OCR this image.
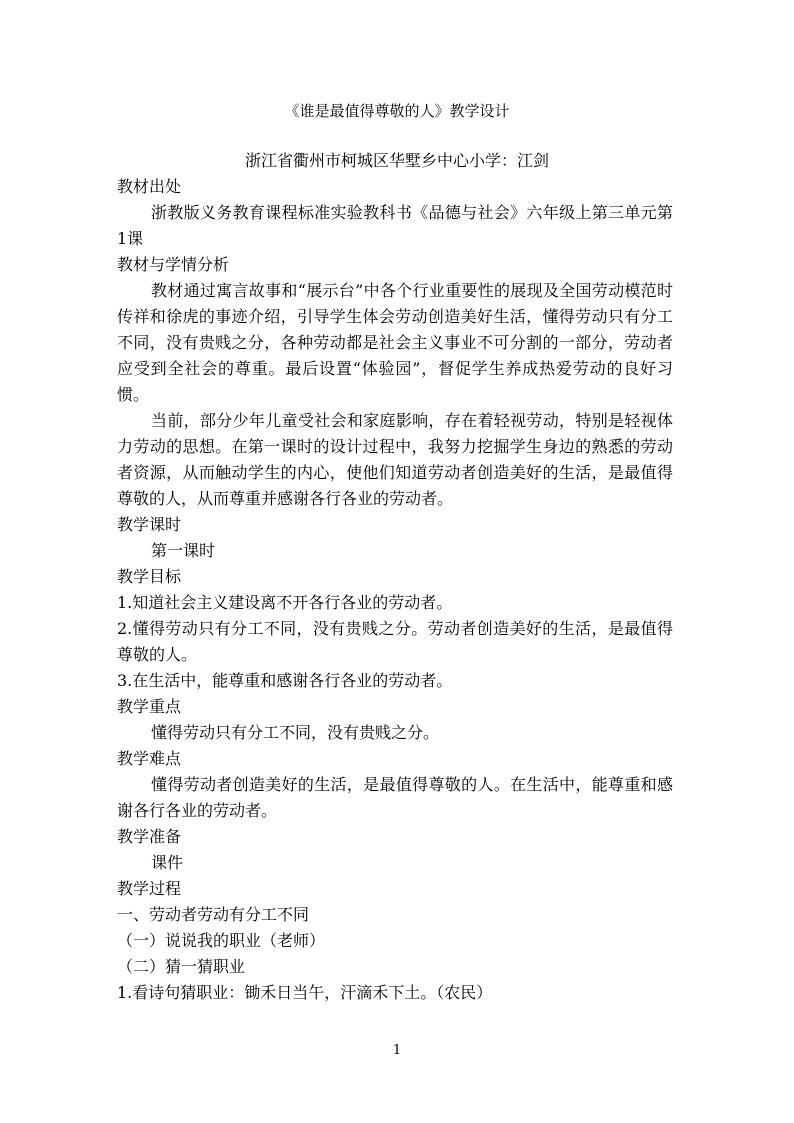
《谁是最值得尊敬的人》教学设计
浙江省衢州市柯城区华墅乡中心小学：江剑

教材出处

浙教版义务教育课程标准实验教科书《品德与社会》六年级上第三单元第1课

教材与学情分析

教材通过寓言故事和“展示台”中各个行业重要性的展现及全国劳动模范时传祥和徐虎的事迹介绍，引导学生体会劳动创造美好生活，懂得劳动只有分工不同，没有贵贱之分，各种劳动都是社会主义事业不可分割的一部分，劳动者应受到全社会的尊重。最后设置“体验园”，督促学生养成热爱劳动的良好习惯。

当前，部分少年儿童受社会和家庭影响，存在着轻视劳动，特别是轻视体力劳动的思想。在第一课时的设计过程中，我努力挖掘学生身边的熟悉的劳动者资源，从而触动学生的内心，使他们知道劳动者创造美好的生活，是最值得尊敬的人，从而尊重并感谢各行各业的劳动者。

教学课时

第一课时

教学目标

1.知道社会主义建设离不开各行各业的劳动者。

2.懂得劳动只有分工不同，没有贵贱之分。劳动者创造美好的生活，是最值得尊敬的人。

3.在生活中，能尊重和感谢各行各业的劳动者。

教学重点

懂得劳动只有分工不同，没有贵贱之分。

教学难点

懂得劳动者创造美好的生活，是最值得尊敬的人。在生活中，能尊重和感谢各行各业的劳动者。

教学准备

课件

教学过程

一、劳动者劳动有分工不同

（一）说说我的职业（老师）

（二）猜一猜职业

1.看诗句猜职业：锄禾日当午，汗滴禾下土。（农民）

1
